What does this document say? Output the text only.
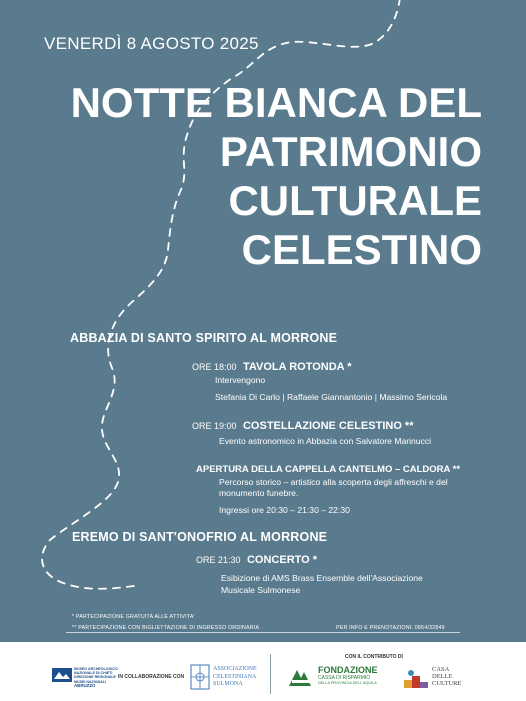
VENERDÌ 8 AGOSTO 2025
NOTTE BIANCA DEL
PATRIMONIO
CULTURALE
CELESTINO
ABBAZIA DI SANTO SPIRITO AL MORRONE
ORE 18:00 TAVOLA ROTONDA *
Intervengono
Stefania Di Carlo | Raffaele Giannantonio | Massimo Sericola
ORE 19:00 COSTELLAZIONE CELESTINO **
Evento astronomico in Abbazia con Salvatore Marinucci
APERTURA DELLA CAPPELLA CANTELMO – CALDORA **
Percorso storico – artistico alla scoperta degli affreschi e del
monumento funebre.
Ingressi ore 20:30 – 21:30 – 22:30
EREMO DI SANT'ONOFRIO AL MORRONE
ORE 21:30 CONCERTO *
Esibizione di AMS Brass Ensemble dell'Associazione
Musicale Sulmonese
* PARTECIPAZIONE GRATUITA ALLE ATTIVITA'
** PARTECIPAZIONE CON BIGLIETTAZIONE DI INGRESSO ORDINARIA	PER INFO E PRENOTAZIONI: 0864/32849
MUSEO ARCHEOLOGICO
NAZIONALE DI CHIETI
DIREZIONE REGIONALE
MUSEI NAZIONALI
ABRUZZO
IN COLLABORAZIONE CON
ASSOCIAZIONE
CELESTINIANA
SULMONA
CON IL CONTRIBUTO DI
FONDAZIONE
CASSA DI RISPARMIO
DELLA PROVINCIA DELL'AQUILA
CASA
DELLE
CULTURE
